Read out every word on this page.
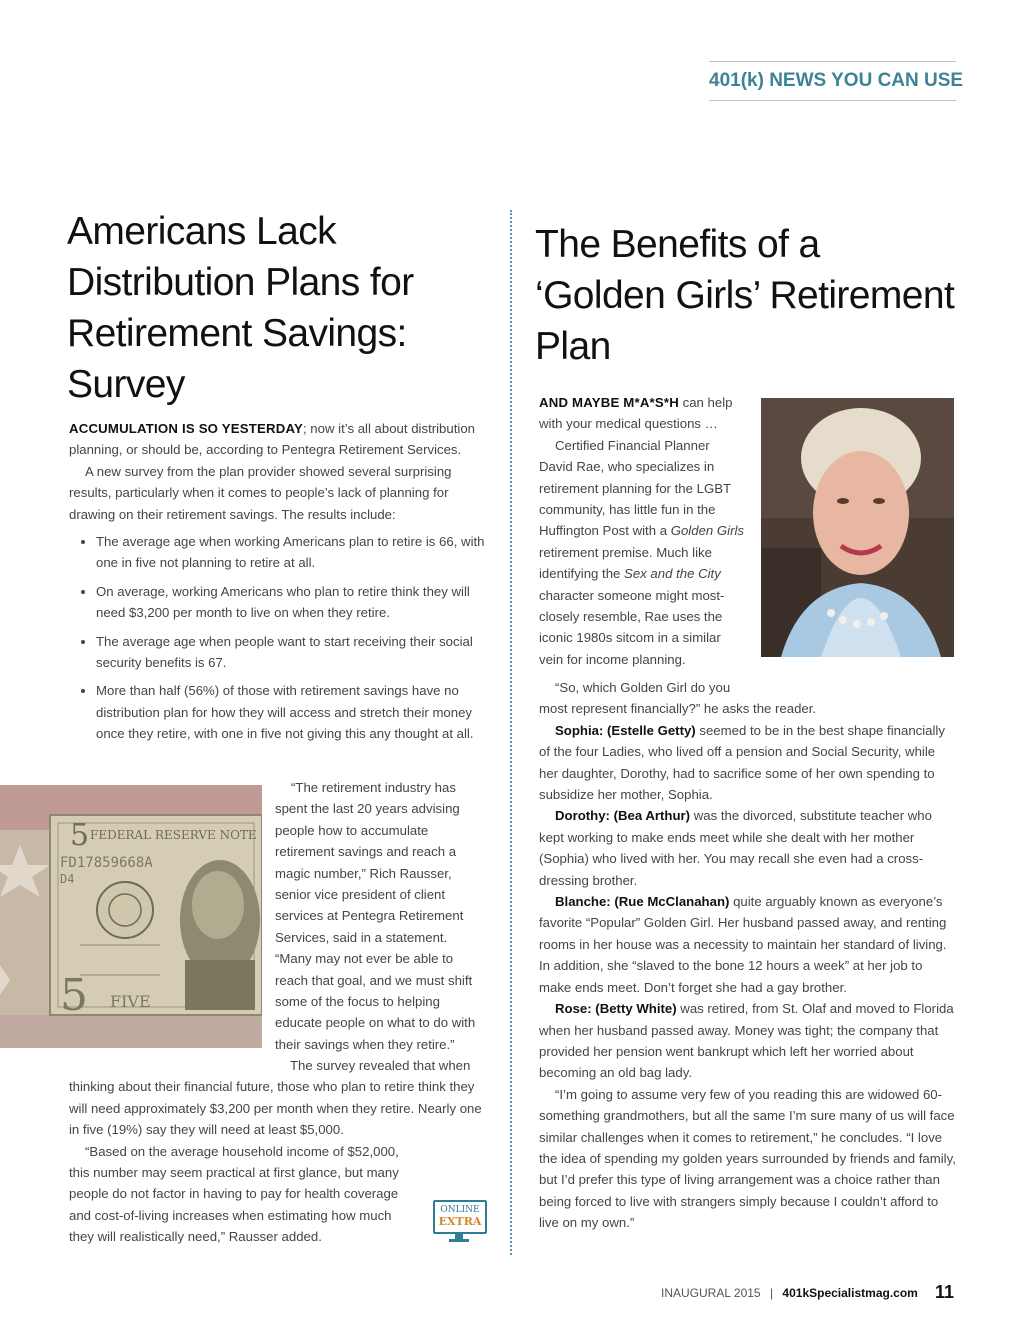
401(k) NEWS YOU CAN USE
Americans Lack Distribution Plans for Retirement Savings: Survey

ACCUMULATION IS SO YESTERDAY; now it’s all about distribution planning, or should be, according to Pentegra Retirement Services.

A new survey from the plan provider showed several surprising results, particularly when it comes to people’s lack of planning for drawing on their retirement savings. The results include:

• The average age when working Americans plan to retire is 66, with one in five not planning to retire at all.
• On average, working Americans who plan to retire think they will need $3,200 per month to live on when they retire.
• The average age when people want to start receiving their social security benefits is 67.
• More than half (56%) of those with retirement savings have no distribution plan for how they will access and stretch their money once they retire, with one in five not giving this any thought at all.
5 FEDERAL RESERVE NOTE
FD17859668A
D4
5 FIVE

“The retirement industry has spent the last 20 years advising people how to accumulate retirement savings and reach a magic number,” Rich Rausser, senior vice president of client services at Pentegra Retirement Services, said in a statement. “Many may not ever be able to reach that goal, and we must shift some of the focus to helping educate people on what to do with their savings when they retire.”

The survey revealed that when thinking about their financial future, those who plan to retire think they will need approximately $3,200 per month when they retire. Nearly one in five (19%) say they will need at least $5,000.

“Based on the average household income of $52,000, this number may seem practical at first glance, but many people do not factor in having to pay for health coverage and cost-of-living increases when estimating how much they will realistically need,” Rausser added.

ONLINE
EXTRA
The Benefits of a ‘Golden Girls’ Retirement Plan

AND MAYBE M*A*S*H can help with your medical questions …

Certified Financial Planner David Rae, who specializes in retirement planning for the LGBT community, has little fun in the Huffington Post with a Golden Girls retirement premise. Much like identifying the Sex and the City character someone might most-closely resemble, Rae uses the iconic 1980s sitcom in a similar vein for income planning.

“So, which Golden Girl do you

most represent financially?” he asks the reader.

Sophia: (Estelle Getty) seemed to be in the best shape financially of the four Ladies, who lived off a pension and Social Security, while her daughter, Dorothy, had to sacrifice some of her own spending to subsidize her mother, Sophia.

Dorothy: (Bea Arthur) was the divorced, substitute teacher who kept working to make ends meet while she dealt with her mother (Sophia) who lived with her. You may recall she even had a cross-dressing brother.

Blanche: (Rue McClanahan) quite arguably known as everyone’s favorite “Popular” Golden Girl. Her husband passed away, and renting rooms in her house was a necessity to maintain her standard of living. In addition, she “slaved to the bone 12 hours a week” at her job to make ends meet. Don’t forget she had a gay brother.

Rose: (Betty White) was retired, from St. Olaf and moved to Florida when her husband passed away. Money was tight; the company that provided her pension went bankrupt which left her worried about becoming an old bag lady.

“I’m going to assume very few of you reading this are widowed 60-something grandmothers, but all the same I’m sure many of us will face similar challenges when it comes to retirement,” he concludes. “I love the idea of spending my golden years surrounded by friends and family, but I’d prefer this type of living arrangement was a choice rather than being forced to live with strangers simply because I couldn’t afford to live on my own.”

INAUGURAL 2015 | 401kSpecialistmag.com 11
